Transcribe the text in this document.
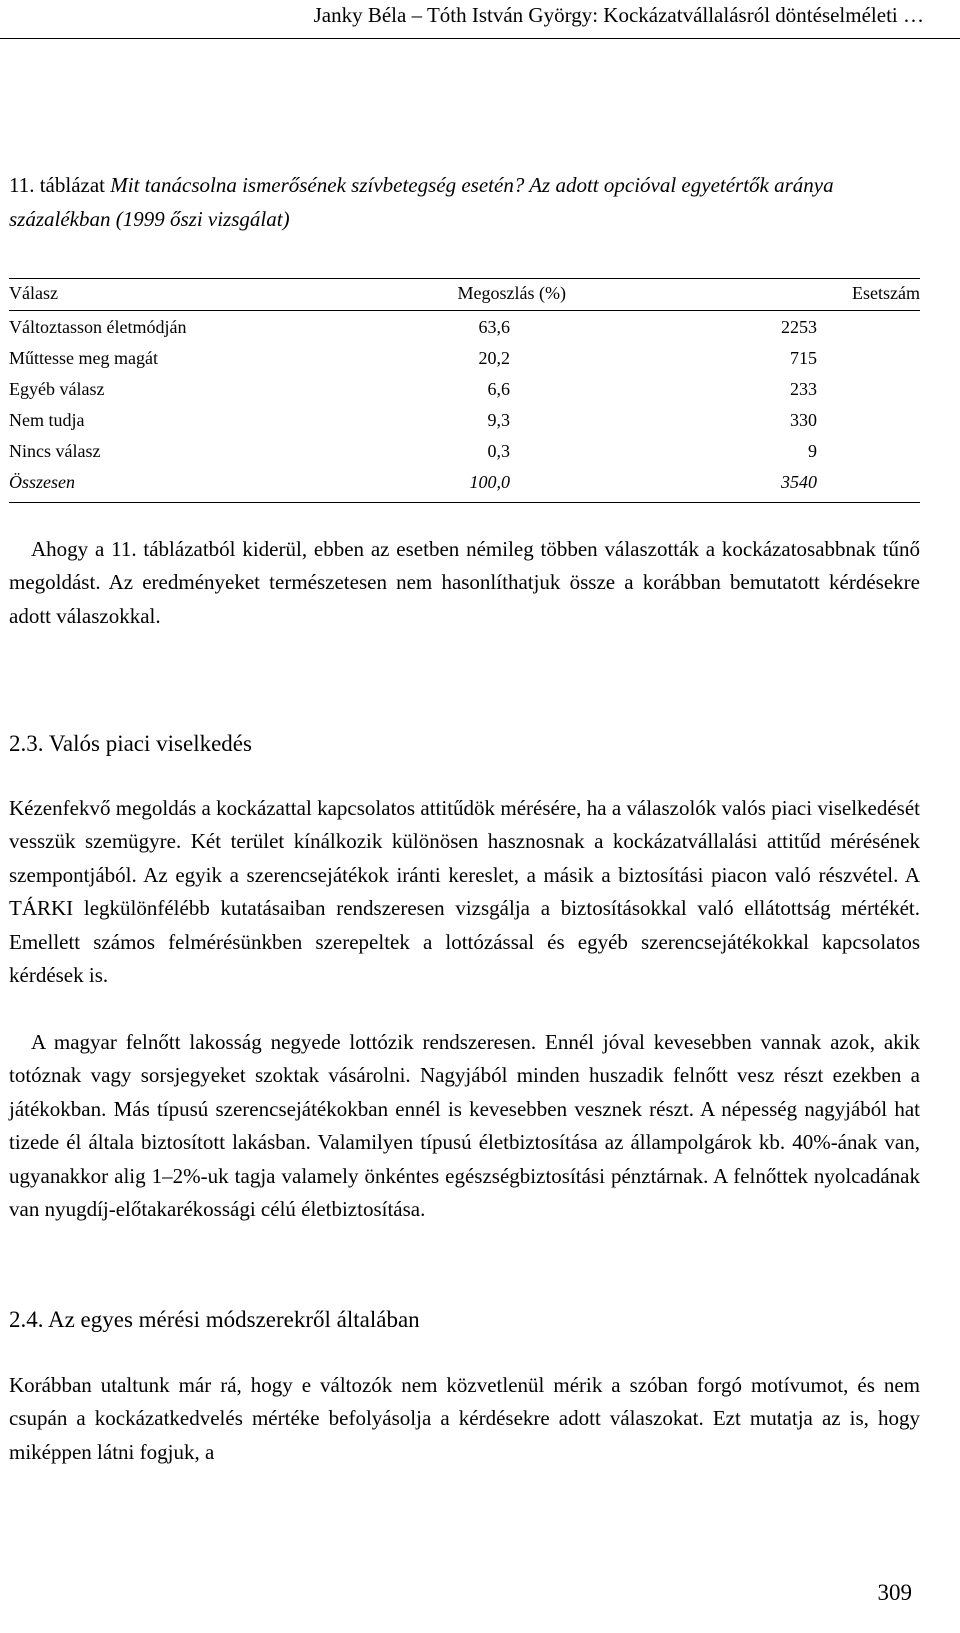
Janky Béla – Tóth István György: Kockázatvállalásról döntéselméleti …
11. táblázat Mit tanácsolna ismerősének szívbetegség esetén? Az adott opcióval egyetértők aránya százalékban (1999 őszi vizsgálat)
Válasz	Megoszlás (%)	Esetszám
Változtasson életmódján	63,6	2253
Műttesse meg magát	20,2	715
Egyéb válasz	6,6	233
Nem tudja	9,3	330
Nincs válasz	0,3	9
Összesen	100,0	3540

Ahogy a 11. táblázatból kiderül, ebben az esetben némileg többen válaszották a kockázatosabbnak tűnő megoldást. Az eredményeket természetesen nem hasonlíthatjuk össze a korábban bemutatott kérdésekre adott válaszokkal.

2.3. Valós piaci viselkedés

Kézenfekvő megoldás a kockázattal kapcsolatos attitűdök mérésére, ha a válaszolók valós piaci viselkedését vesszük szemügyre. Két terület kínálkozik különösen hasznosnak a kockázatvállalási attitűd mérésének szempontjából. Az egyik a szerencsejátékok iránti kereslet, a másik a biztosítási piacon való részvétel. A TÁRKI legkülönfélébb kutatásaiban rendszeresen vizsgálja a biztosításokkal való ellátottság mértékét. Emellett számos felmérésünkben szerepeltek a lottózással és egyéb szerencsejátékokkal kapcsolatos kérdések is.

A magyar felnőtt lakosság negyede lottózik rendszeresen. Ennél jóval kevesebben vannak azok, akik totóznak vagy sorsjegyeket szoktak vásárolni. Nagyjából minden huszadik felnőtt vesz részt ezekben a játékokban. Más típusú szerencsejátékokban ennél is kevesebben vesznek részt. A népesség nagyjából hat tizede él általa biztosított lakásban. Valamilyen típusú életbiztosítása az állampolgárok kb. 40%-ának van, ugyanakkor alig 1–2%-uk tagja valamely önkéntes egészségbiztosítási pénztárnak. A felnőttek nyolcadának van nyugdíj-előtakarékossági célú életbiztosítása.

2.4. Az egyes mérési módszerekről általában

Korábban utaltunk már rá, hogy e változók nem közvetlenül mérik a szóban forgó motívumot, és nem csupán a kockázatkedvelés mértéke befolyásolja a kérdésekre adott válaszokat. Ezt mutatja az is, hogy miképpen látni fogjuk, a

309
